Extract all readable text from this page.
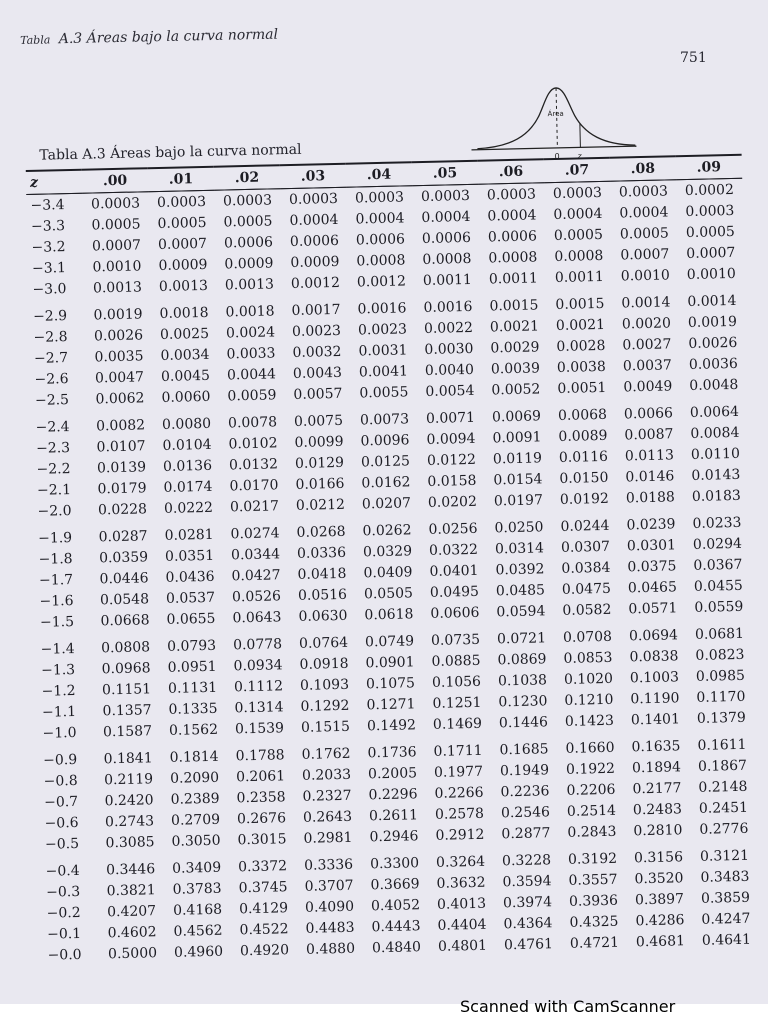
Tabla A.3 Áreas bajo la curva normal
751
Área
0 z
Tabla A.3 Áreas bajo la curva normal
z	.00	.01	.02	.03	.04	.05	.06	.07	.08	.09
−3.4	0.0003	0.0003	0.0003	0.0003	0.0003	0.0003	0.0003	0.0003	0.0003	0.0002
−3.3	0.0005	0.0005	0.0005	0.0004	0.0004	0.0004	0.0004	0.0004	0.0004	0.0003
−3.2	0.0007	0.0007	0.0006	0.0006	0.0006	0.0006	0.0006	0.0005	0.0005	0.0005
−3.1	0.0010	0.0009	0.0009	0.0009	0.0008	0.0008	0.0008	0.0008	0.0007	0.0007
−3.0	0.0013	0.0013	0.0013	0.0012	0.0012	0.0011	0.0011	0.0011	0.0010	0.0010
−2.9	0.0019	0.0018	0.0018	0.0017	0.0016	0.0016	0.0015	0.0015	0.0014	0.0014
−2.8	0.0026	0.0025	0.0024	0.0023	0.0023	0.0022	0.0021	0.0021	0.0020	0.0019
−2.7	0.0035	0.0034	0.0033	0.0032	0.0031	0.0030	0.0029	0.0028	0.0027	0.0026
−2.6	0.0047	0.0045	0.0044	0.0043	0.0041	0.0040	0.0039	0.0038	0.0037	0.0036
−2.5	0.0062	0.0060	0.0059	0.0057	0.0055	0.0054	0.0052	0.0051	0.0049	0.0048
−2.4	0.0082	0.0080	0.0078	0.0075	0.0073	0.0071	0.0069	0.0068	0.0066	0.0064
−2.3	0.0107	0.0104	0.0102	0.0099	0.0096	0.0094	0.0091	0.0089	0.0087	0.0084
−2.2	0.0139	0.0136	0.0132	0.0129	0.0125	0.0122	0.0119	0.0116	0.0113	0.0110
−2.1	0.0179	0.0174	0.0170	0.0166	0.0162	0.0158	0.0154	0.0150	0.0146	0.0143
−2.0	0.0228	0.0222	0.0217	0.0212	0.0207	0.0202	0.0197	0.0192	0.0188	0.0183
−1.9	0.0287	0.0281	0.0274	0.0268	0.0262	0.0256	0.0250	0.0244	0.0239	0.0233
−1.8	0.0359	0.0351	0.0344	0.0336	0.0329	0.0322	0.0314	0.0307	0.0301	0.0294
−1.7	0.0446	0.0436	0.0427	0.0418	0.0409	0.0401	0.0392	0.0384	0.0375	0.0367
−1.6	0.0548	0.0537	0.0526	0.0516	0.0505	0.0495	0.0485	0.0475	0.0465	0.0455
−1.5	0.0668	0.0655	0.0643	0.0630	0.0618	0.0606	0.0594	0.0582	0.0571	0.0559
−1.4	0.0808	0.0793	0.0778	0.0764	0.0749	0.0735	0.0721	0.0708	0.0694	0.0681
−1.3	0.0968	0.0951	0.0934	0.0918	0.0901	0.0885	0.0869	0.0853	0.0838	0.0823
−1.2	0.1151	0.1131	0.1112	0.1093	0.1075	0.1056	0.1038	0.1020	0.1003	0.0985
−1.1	0.1357	0.1335	0.1314	0.1292	0.1271	0.1251	0.1230	0.1210	0.1190	0.1170
−1.0	0.1587	0.1562	0.1539	0.1515	0.1492	0.1469	0.1446	0.1423	0.1401	0.1379
−0.9	0.1841	0.1814	0.1788	0.1762	0.1736	0.1711	0.1685	0.1660	0.1635	0.1611
−0.8	0.2119	0.2090	0.2061	0.2033	0.2005	0.1977	0.1949	0.1922	0.1894	0.1867
−0.7	0.2420	0.2389	0.2358	0.2327	0.2296	0.2266	0.2236	0.2206	0.2177	0.2148
−0.6	0.2743	0.2709	0.2676	0.2643	0.2611	0.2578	0.2546	0.2514	0.2483	0.2451
−0.5	0.3085	0.3050	0.3015	0.2981	0.2946	0.2912	0.2877	0.2843	0.2810	0.2776
−0.4	0.3446	0.3409	0.3372	0.3336	0.3300	0.3264	0.3228	0.3192	0.3156	0.3121
−0.3	0.3821	0.3783	0.3745	0.3707	0.3669	0.3632	0.3594	0.3557	0.3520	0.3483
−0.2	0.4207	0.4168	0.4129	0.4090	0.4052	0.4013	0.3974	0.3936	0.3897	0.3859
−0.1	0.4602	0.4562	0.4522	0.4483	0.4443	0.4404	0.4364	0.4325	0.4286	0.4247
−0.0	0.5000	0.4960	0.4920	0.4880	0.4840	0.4801	0.4761	0.4721	0.4681	0.4641
Scanned with CamScanner
